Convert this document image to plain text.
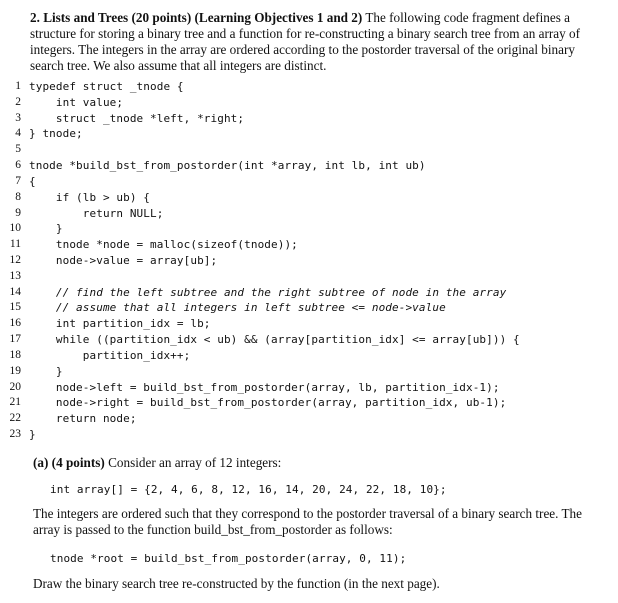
2. Lists and Trees (20 points) (Learning Objectives 1 and 2) The following code fragment defines a structure for storing a binary tree and a function for re-constructing a binary search tree from an array of integers. The integers in the array are ordered according to the postorder traversal of the original binary search tree. We also assume that all integers are distinct.

1 typedef struct _tnode {
2 int value;
3 struct _tnode *left, *right;
4 } tnode;
5
6 tnode *build_bst_from_postorder(int *array, int lb, int ub)
7 {
8 if (lb > ub) {
9 return NULL;
10 }
11 tnode *node = malloc(sizeof(tnode));
12 node->value = array[ub];
13
14 // find the left subtree and the right subtree of node in the array
15 // assume that all integers in left subtree <= node->value
16 int partition_idx = lb;
17 while ((partition_idx < ub) && (array[partition_idx] <= array[ub])) {
18 partition_idx++;
19 }
20 node->left = build_bst_from_postorder(array, lb, partition_idx-1);
21 node->right = build_bst_from_postorder(array, partition_idx, ub-1);
22 return node;
23 }

(a) (4 points) Consider an array of 12 integers:

int array[] = {2, 4, 6, 8, 12, 16, 14, 20, 24, 22, 18, 10};
The integers are ordered such that they correspond to the postorder traversal of a binary search tree. The array is passed to the function build_bst_from_postorder as follows:
tnode *root = build_bst_from_postorder(array, 0, 11);
Draw the binary search tree re-constructed by the function (in the next page).
